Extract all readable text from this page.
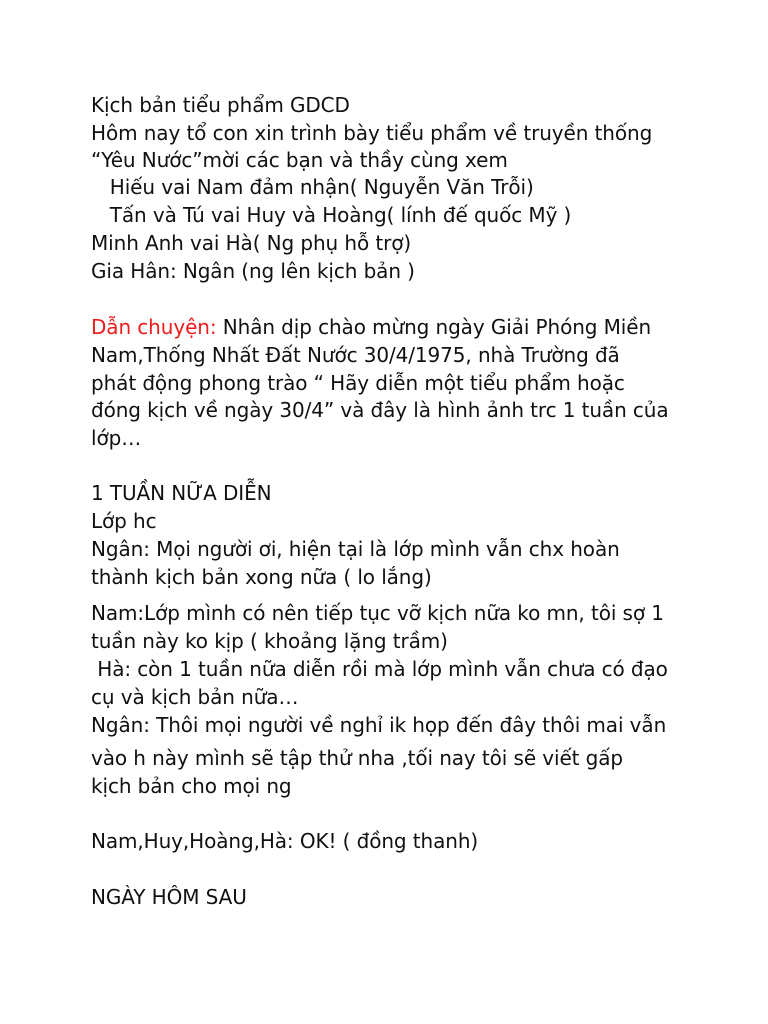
Kịch bản tiểu phẩm GDCD
Hôm nay tổ con xin trình bày tiểu phẩm về truyền thống
“Yêu Nước”mời các bạn và thầy cùng xem
Hiếu vai Nam đảm nhận( Nguyễn Văn Trỗi)
Tấn và Tú vai Huy và Hoàng( lính đế quốc Mỹ )
Minh Anh vai Hà( Ng phụ hỗ trợ)
Gia Hân: Ngân (ng lên kịch bản )
Dẫn chuyện: Nhân dịp chào mừng ngày Giải Phóng Miền
Nam,Thống Nhất Đất Nước 30/4/1975, nhà Trường đã
phát động phong trào “ Hãy diễn một tiểu phẩm hoặc
đóng kịch về ngày 30/4” và đây là hình ảnh trc 1 tuần của
lớp…
1 TUẦN NỮA DIỄN
Lớp hc
Ngân: Mọi người ơi, hiện tại là lớp mình vẫn chx hoàn
thành kịch bản xong nữa ( lo lắng)
Nam:Lớp mình có nên tiếp tục vỡ kịch nữa ko mn, tôi sợ 1
tuần này ko kịp ( khoảng lặng trầm)
Hà: còn 1 tuần nữa diễn rồi mà lớp mình vẫn chưa có đạo
cụ và kịch bản nữa…
Ngân: Thôi mọi người về nghỉ ik họp đến đây thôi mai vẫn
vào h này mình sẽ tập thử nha ,tối nay tôi sẽ viết gấp
kịch bản cho mọi ng
Nam,Huy,Hoàng,Hà: OK! ( đồng thanh)
NGÀY HÔM SAU
